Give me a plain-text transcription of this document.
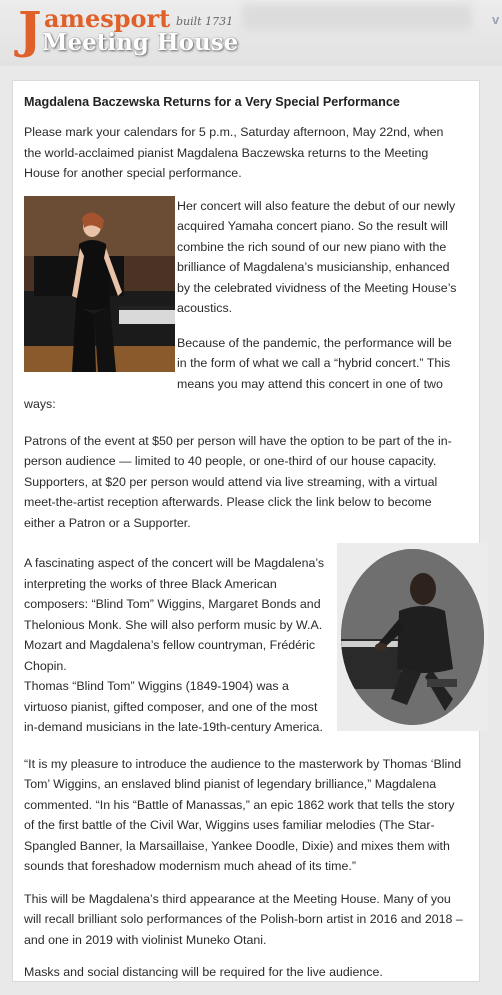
J amesport built 1731
Meeting House
v
Magdalena Baczewska Returns for a Very Special Performance

Please mark your calendars for 5 p.m., Saturday afternoon, May 22nd, when the world-acclaimed pianist Magdalena Baczewska returns to the Meeting House for another special performance.

Her concert will also feature the debut of our newly acquired Yamaha concert piano. So the result will combine the rich sound of our new piano with the brilliance of Magdalena’s musicianship, enhanced by the celebrated vividness of the Meeting House’s acoustics.

Because of the pandemic, the performance will be in the form of what we call a “hybrid concert.” This means you may attend this concert in one of two ways:

Patrons of the event at $50 per person will have the option to be part of the in-person audience — limited to 40 people, or one-third of our house capacity. Supporters, at $20 per person would attend via live streaming, with a virtual meet-the-artist reception afterwards. Please click the link below to become either a Patron or a Supporter.

A fascinating aspect of the concert will be Magdalena’s interpreting the works of three Black American composers: “Blind Tom” Wiggins, Margaret Bonds and Thelonious Monk. She will also perform music by W.A. Mozart and Magdalena’s fellow countryman, Frédéric Chopin.

Thomas “Blind Tom” Wiggins (1849-1904) was a virtuoso pianist, gifted composer, and one of the most in-demand musicians in the late-19th-century America.

“It is my pleasure to introduce the audience to the masterwork by Thomas ‘Blind Tom’ Wiggins, an enslaved blind pianist of legendary brilliance,” Magdalena commented. “In his “Battle of Manassas,” an epic 1862 work that tells the story of the first battle of the Civil War, Wiggins uses familiar melodies (The Star-Spangled Banner, la Marsaillaise, Yankee Doodle, Dixie) and mixes them with sounds that foreshadow modernism much ahead of its time.”

This will be Magdalena’s third appearance at the Meeting House. Many of you will recall brilliant solo performances of the Polish-born artist in 2016 and 2018 – and one in 2019 with violinist Muneko Otani.

Masks and social distancing will be required for the live audience.
